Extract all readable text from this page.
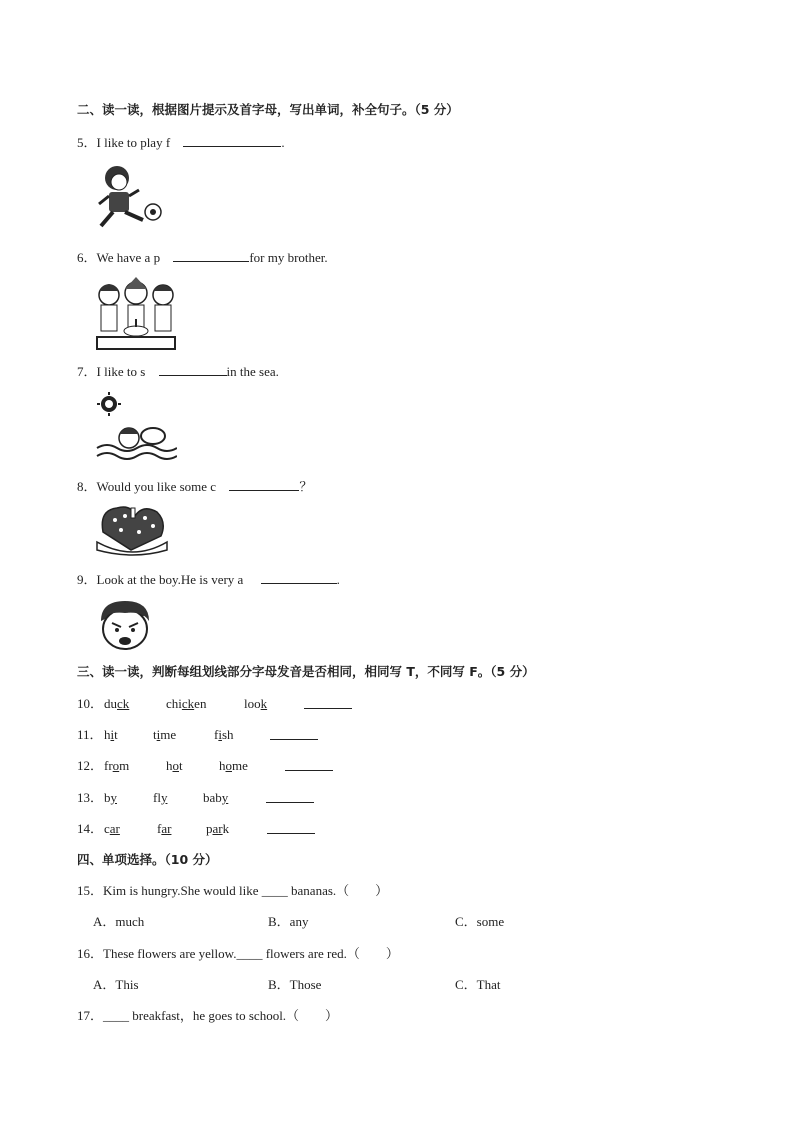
二、读一读，根据图片提示及首字母，写出单词，补全句子。（5 分）
5．I like to play f	.
6．We have a p	for my brother.
7．I like to s	in the sea.
8．Would you like some c	？
9．Look at the boy.He is very a	.
三、读一读，判断每组划线部分字母发音是否相同，相同写 T，不同写 F。（5 分）
10． duck	chicken	look
11． hit	time	fish
12． from	hot	home
13． by	fly	baby
14． car	far	park
四、单项选择。（10 分）
15．Kim is hungry.She would like ____ bananas.（　　）
A．much	B．any	C．some
16．These flowers are yellow.____ flowers are red.（　　）
A．This	B．Those	C．That
17．____ breakfast，he goes to school.（　　）
